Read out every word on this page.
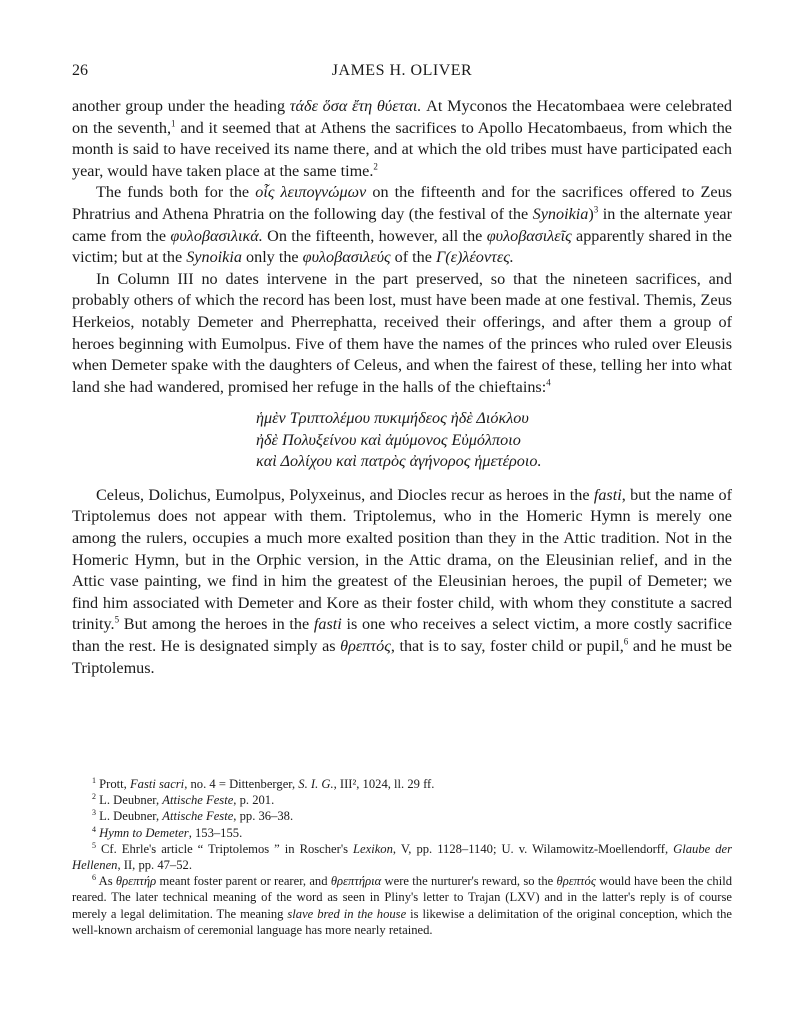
26	JAMES H. OLIVER

another group under the heading τάδε ὅσα ἔτη θύεται. At Myconos the Hecatombaea were celebrated on the seventh,$^1$ and it seemed that at Athens the sacrifices to Apollo Hecatombaeus, from which the month is said to have received its name there, and at which the old tribes must have participated each year, would have taken place at the same time.$^2$

The funds both for the οἷς λειπογνώμων on the fifteenth and for the sacrifices offered to Zeus Phratrius and Athena Phratria on the following day (the festival of the Synoikia)$^3$ in the alternate year came from the φυλοβασιλικά. On the fifteenth, however, all the φυλοβασιλεῖς apparently shared in the victim; but at the Synoikia only the φυλοβασιλεύς of the Γ(ε)λέοντες.

In Column III no dates intervene in the part preserved, so that the nineteen sacrifices, and probably others of which the record has been lost, must have been made at one festival. Themis, Zeus Herkeios, notably Demeter and Pherrephatta, received their offerings, and after them a group of heroes beginning with Eumolpus. Five of them have the names of the princes who ruled over Eleusis when Demeter spake with the daughters of Celeus, and when the fairest of these, telling her into what land she had wandered, promised her refuge in the halls of the chieftains:$^4$

ἡμὲν Τριπτολέμου πυκιμήδεος ἠδὲ Διόκλου
ἠδὲ Πολυξείνου καὶ ἀμύμονος Εὐμόλποιο
καὶ Δολίχου καὶ πατρὸς ἀγήνορος ἡμετέροιο.

Celeus, Dolichus, Eumolpus, Polyxeinus, and Diocles recur as heroes in the fasti, but the name of Triptolemus does not appear with them. Triptolemus, who in the Homeric Hymn is merely one among the rulers, occupies a much more exalted position than they in the Attic tradition. Not in the Homeric Hymn, but in the Orphic version, in the Attic drama, on the Eleusinian relief, and in the Attic vase painting, we find in him the greatest of the Eleusinian heroes, the pupil of Demeter; we find him associated with Demeter and Kore as their foster child, with whom they constitute a sacred trinity.$^5$ But among the heroes in the fasti is one who receives a select victim, a more costly sacrifice than the rest. He is designated simply as θρεπτός, that is to say, foster child or pupil,$^6$ and he must be Triptolemus.

$^1$ Prott, Fasti sacri, no. 4 = Dittenberger, S. I. G., III², 1024, ll. 29 ff.

$^2$ L. Deubner, Attische Feste, p. 201.

$^3$ L. Deubner, Attische Feste, pp. 36–38.

$^4$ Hymn to Demeter, 153–155.

$^5$ Cf. Ehrle's article “ Triptolemos ” in Roscher's Lexikon, V, pp. 1128–1140; U. v. Wilamowitz-Moellendorff, Glaube der Hellenen, II, pp. 47–52.

$^6$ As θρεπτήρ meant foster parent or rearer, and θρεπτήρια were the nurturer's reward, so the θρεπτός would have been the child reared. The later technical meaning of the word as seen in Pliny's letter to Trajan (LXV) and in the latter's reply is of course merely a legal delimitation. The meaning slave bred in the house is likewise a delimitation of the original conception, which the well-known archaism of ceremonial language has more nearly retained.
